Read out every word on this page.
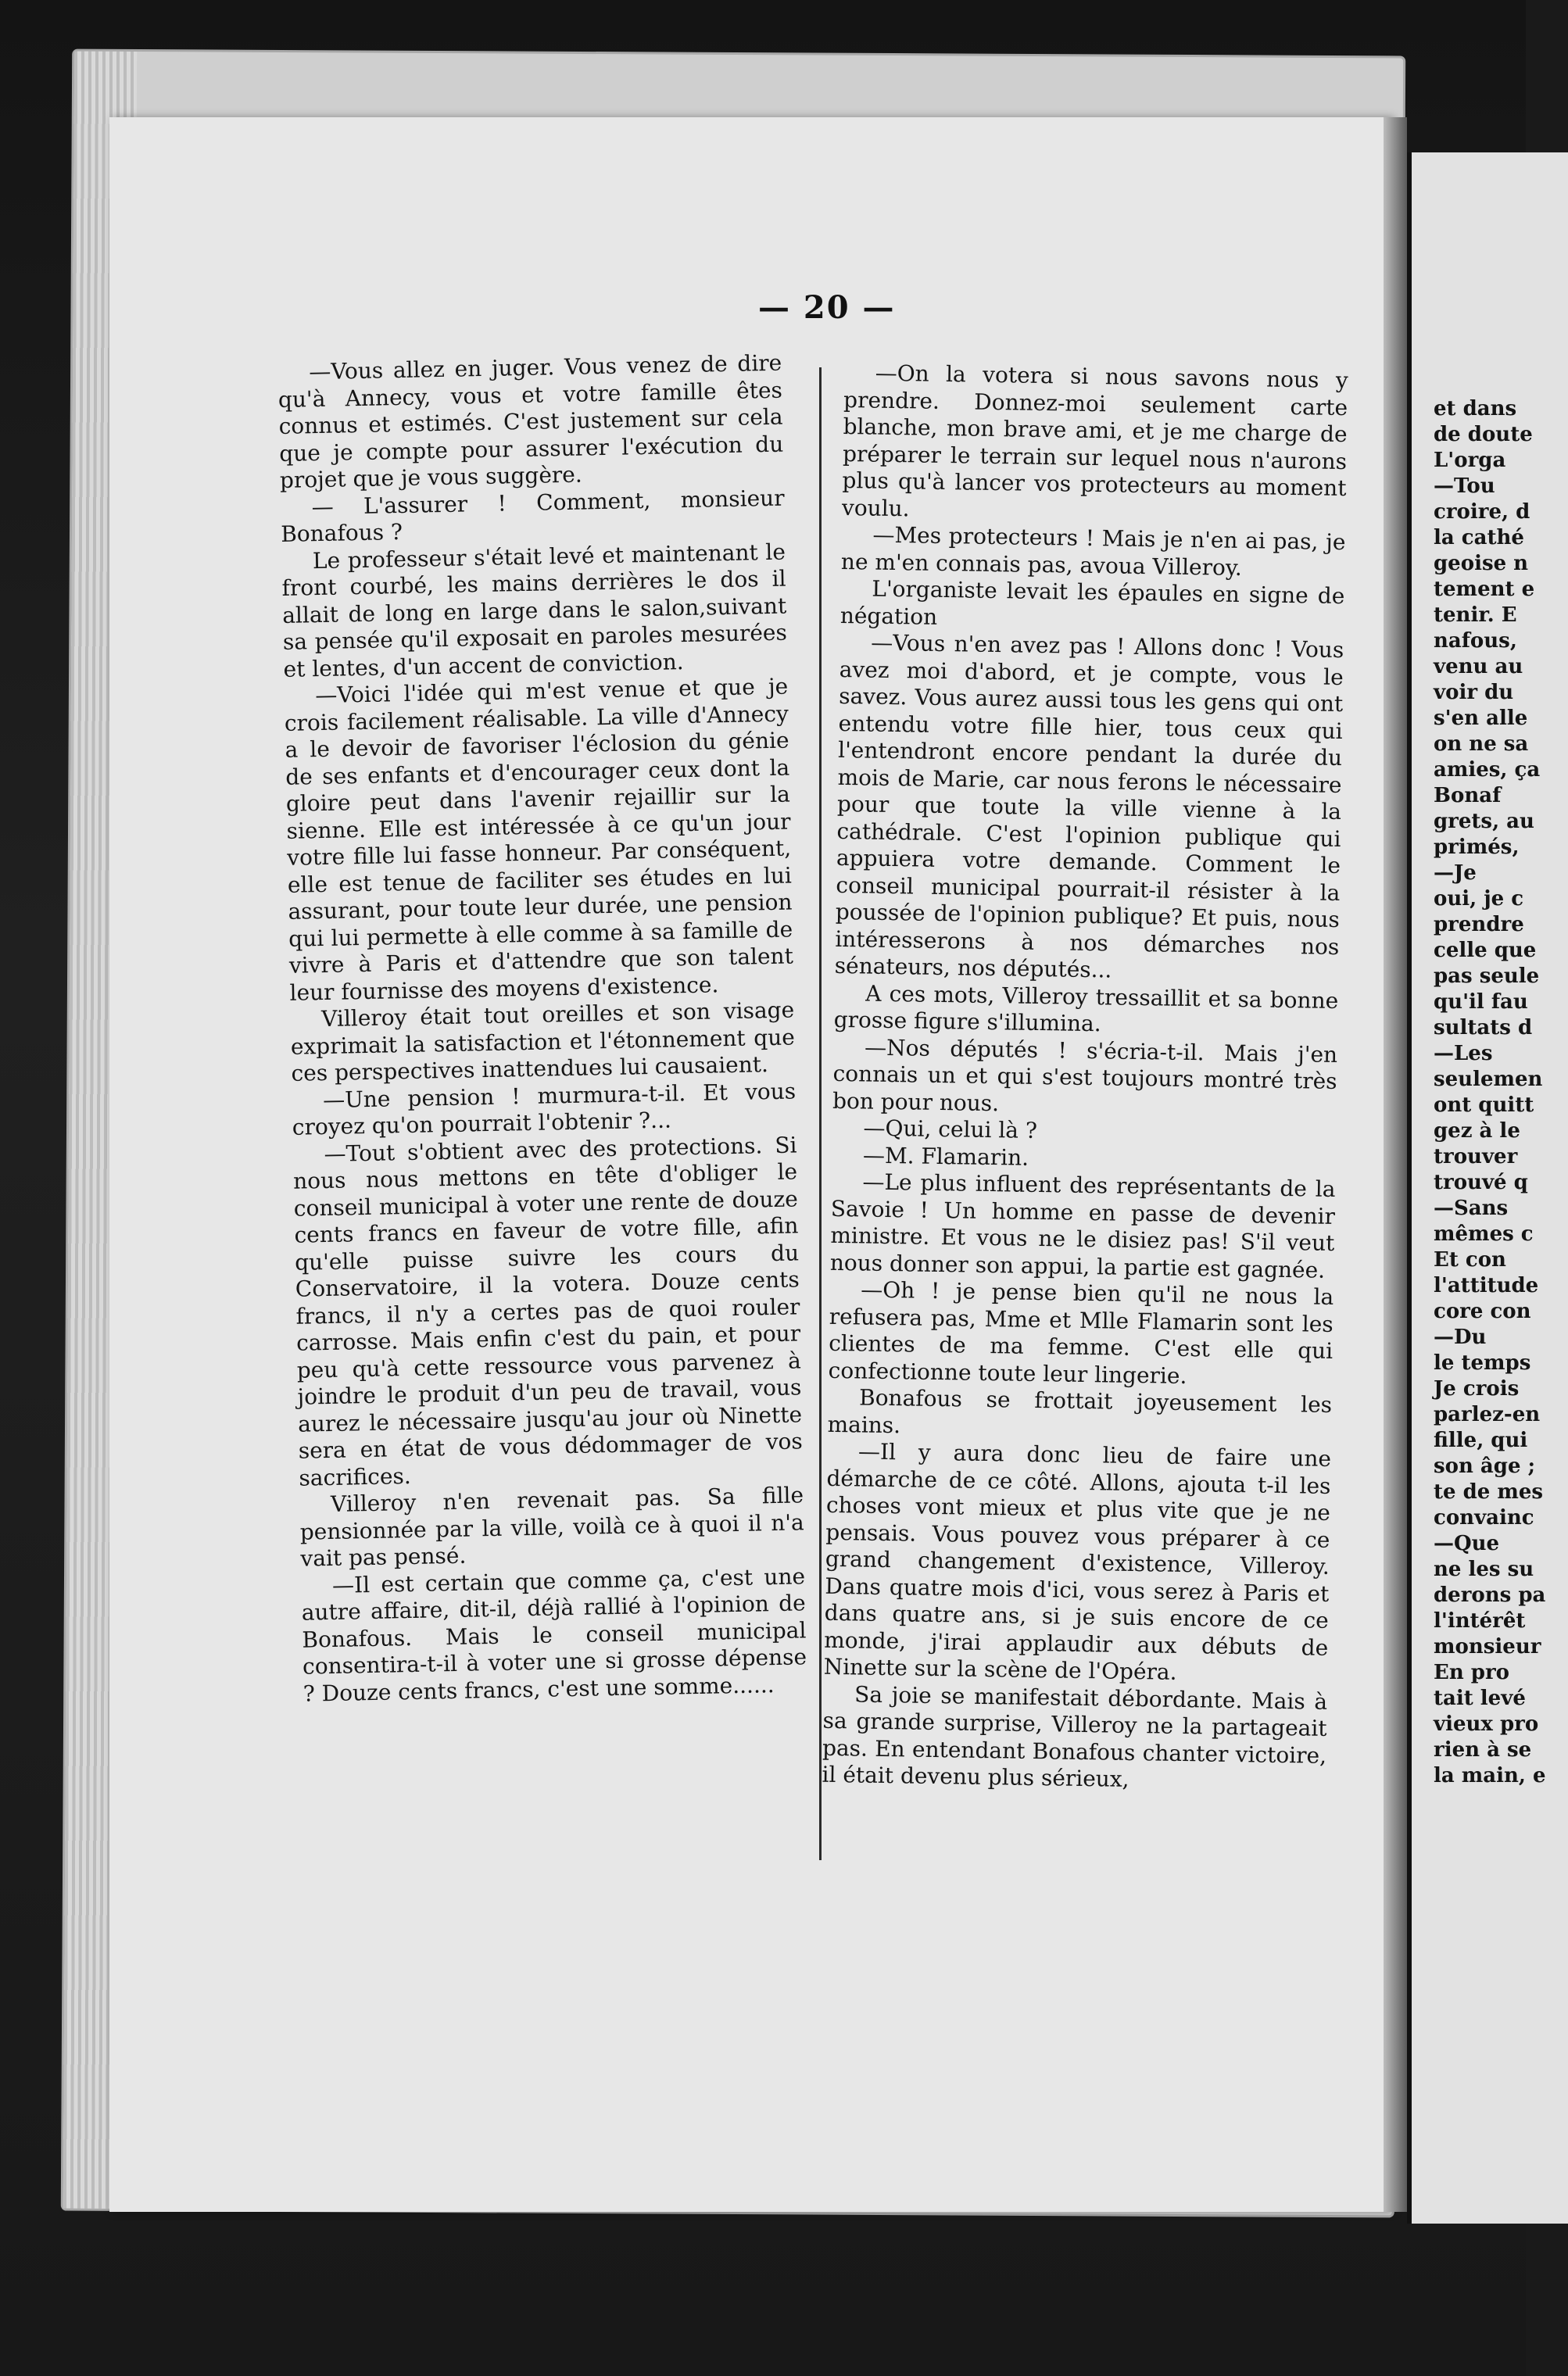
— 20 —

—Vous allez en juger. Vous venez de dire qu'à Annecy, vous et votre famille êtes connus et estimés. C'est justement sur cela que je compte pour assurer l'exécution du projet que je vous suggère.

— L'assurer ! Comment, monsieur Bonafous ?

Le professeur s'était levé et maintenant le front courbé, les mains derrières le dos il allait de long en large dans le salon,suivant sa pensée qu'il exposait en paroles mesurées et lentes, d'un accent de conviction.

—Voici l'idée qui m'est venue et que je crois facilement réalisable. La ville d'Annecy a le devoir de favoriser l'éclosion du génie de ses enfants et d'encourager ceux dont la gloire peut dans l'avenir rejaillir sur la sienne. Elle est intéressée à ce qu'un jour votre fille lui fasse honneur. Par conséquent, elle est tenue de faciliter ses études en lui assurant, pour toute leur durée, une pension qui lui permette à elle comme à sa famille de vivre à Paris et d'attendre que son talent leur fournisse des moyens d'existence.

Villeroy était tout oreilles et son visage exprimait la satisfaction et l'étonnement que ces perspectives inattendues lui causaient.

—Une pension ! murmura-t-il. Et vous croyez qu'on pourrait l'obtenir ?...

—Tout s'obtient avec des protections. Si nous nous mettons en tête d'obliger le conseil municipal à voter une rente de douze cents francs en faveur de votre fille, afin qu'elle puisse suivre les cours du Conservatoire, il la votera. Douze cents francs, il n'y a certes pas de quoi rouler carrosse. Mais enfin c'est du pain, et pour peu qu'à cette ressource vous parvenez à joindre le produit d'un peu de travail, vous aurez le nécessaire jusqu'au jour où Ninette sera en état de vous dédommager de vos sacrifices.

Villeroy n'en revenait pas. Sa fille pensionnée par la ville, voilà ce à quoi il n'a vait pas pensé.

—Il est certain que comme ça, c'est une autre affaire, dit-il, déjà rallié à l'opinion de Bonafous. Mais le conseil municipal consentira-t-il à voter une si grosse dépense ? Douze cents francs, c'est une somme......

—On la votera si nous savons nous y prendre. Donnez-moi seulement carte blanche, mon brave ami, et je me charge de préparer le terrain sur lequel nous n'aurons plus qu'à lancer vos protecteurs au moment voulu.

—Mes protecteurs ! Mais je n'en ai pas, je ne m'en connais pas, avoua Villeroy.

L'organiste levait les épaules en signe de négation

—Vous n'en avez pas ! Allons donc ! Vous avez moi d'abord, et je compte, vous le savez. Vous aurez aussi tous les gens qui ont entendu votre fille hier, tous ceux qui l'entendront encore pendant la durée du mois de Marie, car nous ferons le nécessaire pour que toute la ville vienne à la cathédrale. C'est l'opinion publique qui appuiera votre demande. Comment le conseil municipal pourrait-il résister à la poussée de l'opinion publique? Et puis, nous intéresserons à nos démarches nos sénateurs, nos députés...

A ces mots, Villeroy tressaillit et sa bonne grosse figure s'illumina.

—Nos députés ! s'écria-t-il. Mais j'en connais un et qui s'est toujours montré très bon pour nous.

—Qui, celui là ?

—M. Flamarin.

—Le plus influent des représentants de la Savoie ! Un homme en passe de devenir ministre. Et vous ne le disiez pas! S'il veut nous donner son appui, la partie est gagnée.

—Oh ! je pense bien qu'il ne nous la refusera pas, Mme et Mlle Flamarin sont les clientes de ma femme. C'est elle qui confectionne toute leur lingerie.

Bonafous se frottait joyeusement les mains.

—Il y aura donc lieu de faire une démarche de ce côté. Allons, ajouta t-il les choses vont mieux et plus vite que je ne pensais. Vous pouvez vous préparer à ce grand changement d'existence, Villeroy. Dans quatre mois d'ici, vous serez à Paris et dans quatre ans, si je suis encore de ce monde, j'irai applaudir aux débuts de Ninette sur la scène de l'Opéra.

Sa joie se manifestait débordante. Mais à sa grande surprise, Villeroy ne la partageait pas. En entendant Bonafous chanter victoire, il était devenu plus sérieux,

et dans
de doute
L'orga
—Tou
croire, d
la cathé
geoise n
tement e
tenir. E
nafous,
venu au
voir du
s'en alle
on ne sa
amies, ça
Bonaf
grets, au
primés,
—Je
oui, je c
prendre
celle que
pas seule
qu'il fau
sultats d
—Les
seulemen
ont quitt
gez à le
trouver
trouvé q
—Sans
mêmes c
Et con
l'attitude
core con
—Du
le temps
Je crois
parlez-en
fille, qui
son âge ;
te de mes
convainc
—Que
ne les su
derons pa
l'intérêt
monsieur
En pro
tait levé
vieux pro
rien à se
la main, e
